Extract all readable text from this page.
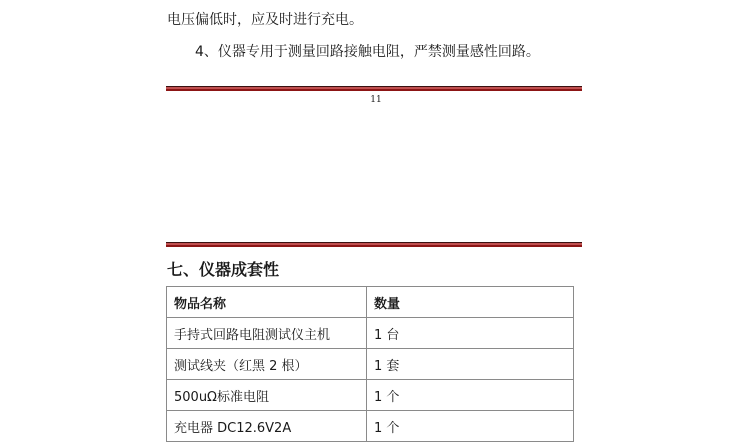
电压偏低时，应及时进行充电。
4、仪器专用于测量回路接触电阻，严禁测量感性回路。
11
七、仪器成套性
物品名称	数量
手持式回路电阻测试仪主机	1 台
测试线夹（红黑 2 根）	1 套
500uΩ标准电阻	1 个
充电器 DC12.6V2A	1 个
